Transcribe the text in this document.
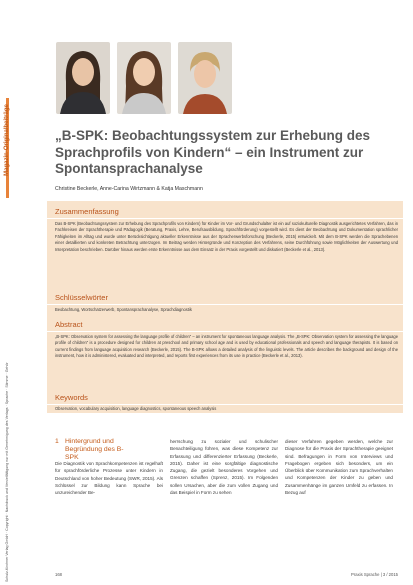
Schulz-Kirchner Verlag GmbH · Copyright · Nachdruck und Vervielfältigung nur mit Genehmigung des Verlags · Sprache · Stimme · Gehör
Magazin-Originalbeiträge	„B-SPK: Beobachtungssystem zur Erhebung des Sprachprofils von Kindern“ – ein Instrument zur Spontansprachanalyse
Christine Beckerle, Anne-Carina Wirtzmann & Katja Maschmann
Zusammenfassung

Das B-SPK (Beobachtungssystem zur Erhebung des Sprachprofils von Kindern) für Kinder im Vor- und Grundschulalter ist ein auf soziokulturelle Diagnostik ausgerichtetes Verfahren, das in Fachkreisen der Sprachtherapie und Pädagogik (Beratung, Praxis, Lehre, Berufsausbildung, Sprachförderung) vorgestellt wird. Es dient der Beobachtung und Dokumentation sprachlicher Fähigkeiten im Alltag und wurde unter Berücksichtigung aktueller Erkenntnisse aus der Spracherwerbsforschung (Beckerle, 2015) entwickelt. Mit dem B-SPK werden die Sprachebenen einer detaillierten und konkreten Betrachtung unterzogen. Im Beitrag werden Hintergründe und Konzeption des Verfahrens, seine Durchführung sowie Möglichkeiten der Auswertung und Interpretation beschrieben. Darüber hinaus werden erste Erkenntnisse aus dem Einsatz in der Praxis vorgestellt und diskutiert (Beckerle et al., 2013).

Schlüsselwörter

Beobachtung, Wortschatzerwerb, Spontansprachanalyse, Sprachdiagnostik

Abstract

„B-SPK: Observation system for assessing the language profile of children“ – an instrument for spontaneous language analysis. The „B-SPK: Observation system for assessing the language profile of children“ is a procedure designed for children at preschool and primary school age and is used by educational professionals and speech and language therapists. It is based on current findings from language acquisition research (Beckerle, 2015). The B-SPK allows a detailed analysis of the linguistic levels. The article describes the background and design of the instrument, how it is administered, evaluated and interpreted, and reports first experiences from its use in practice (Beckerle et al., 2013).

Keywords

Observation, vocabulary acquisition, language diagnostics, spontaneous speech analysis

1 Hintergrund und Begründung des B-SPK
Die Diagnostik von Sprachkompetenzen ist regelhaft für sprachförderliche Prozesse unter Kindern in Deutschland von hoher Bedeutung (SWR, 2015). Als Schlüssel zur Bildung kann Sprache bei unzureichender Be-
herrschung zu sozialer und schulischer Benachteiligung führen, was diese Kompetenz zur Erfassung und differenzierter Erfassung (Beckerle, 2015). Daher ist eine sorgfältige diagnostische Zugang, die gezielt besonderes Vorgehen und Grenzen schaffen (Sprenz, 2015). Im Folgenden sollen Ursachen, aber die zum vollen Zugang und das Beispiel in Form zu sehen
dieser Verfahren gegeben werden, welche zur Diagnose für die Praxis der Sprachtherapie geeignet sind. Befragungen in Form von Interviews und Fragebogen ergeben sich besonders, um ein Überblick über Kommunikation zum Sprachverhalten und Kompetenzen der Kinder zu geben und Zusammenhänge im ganzen Umfeld zu erfassen. In Bezug auf
168	Praxis Sprache | 3 / 2015
